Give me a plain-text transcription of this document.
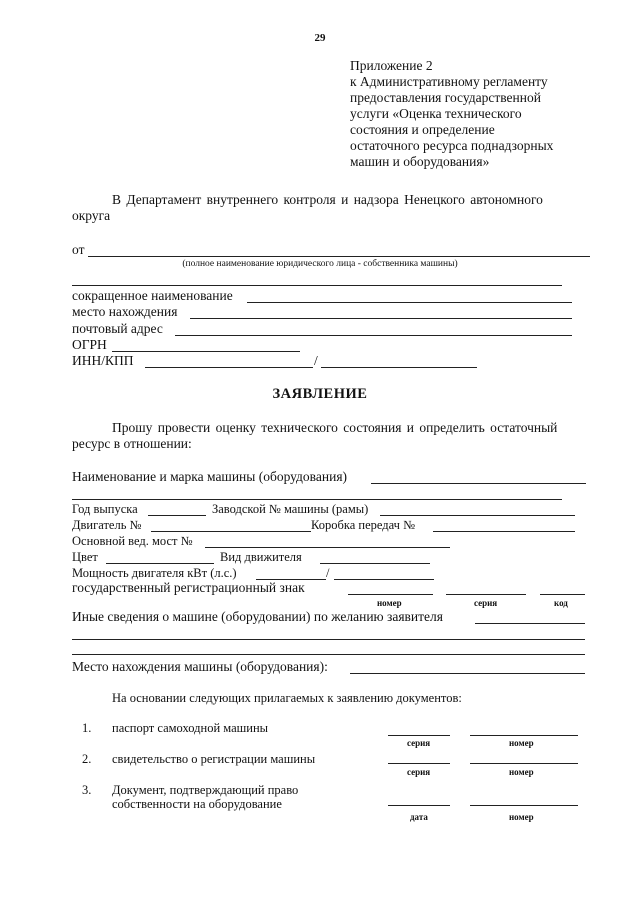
29
Приложение 2
к Административному регламенту
предоставления государственной
услуги «Оценка технического
состояния и определение
остаточного ресурса поднадзорных
машин и оборудования»
В Департамент внутреннего контроля и надзора Ненецкого автономного
округа
от
(полное наименование юридического лица - собственника машины)
сокращенное наименование
место нахождения
почтовый адрес
ОГРН
ИНН/КПП	/
ЗАЯВЛЕНИЕ
Прошу провести оценку технического состояния и определить остаточный
ресурс в отношении:
Наименование и марка машины (оборудования)
Год выпуска	Заводской № машины (рамы)
Двигатель №	Коробка передач №
Основной вед. мост №
Цвет	Вид движителя
Мощность двигателя кВт (л.с.)	/
государственный регистрационный знак
номер	серия	код
Иные сведения о машине (оборудовании) по желанию заявителя
Место нахождения машины (оборудования):
На основании следующих прилагаемых к заявлению документов:
1. паспорт самоходной машины
серия	номер
2. свидетельство о регистрации машины
серия	номер
3. Документ, подтверждающий право
собственности на оборудование
дата	номер
